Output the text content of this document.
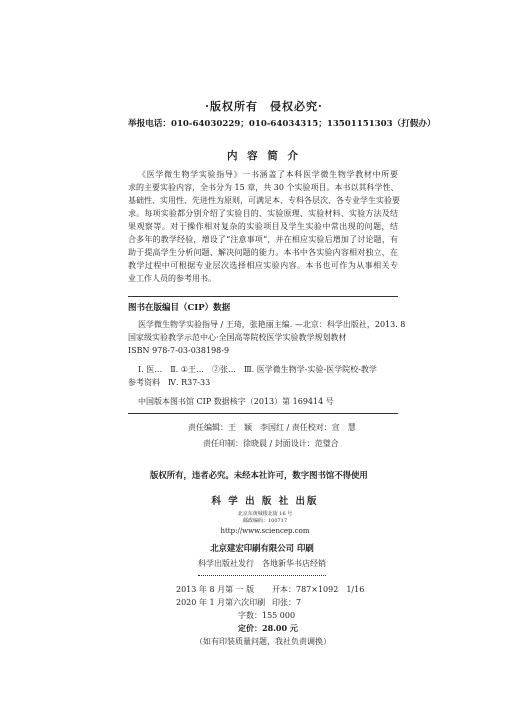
·版权所有　侵权必究·
举报电话：010-64030229；010-64034315；13501151303（打假办）
内 容 简 介
《医学微生物学实验指导》一书涵盖了本科医学微生物学教材中所要
求的主要实验内容，全书分为 15 章，共 30 个实验项目。本书以其科学性、
基础性、实用性、先进性为原则，可满足本、专科各层次、各专业学生实验要
求。每项实验都分别介绍了实验目的、实验原理、实验材料、实验方法及结
果观察等。对于操作相对复杂的实验项目及学生实验中常出现的问题，结
合多年的教学经验，增设了“注意事项”，并在相应实验后增加了讨论题，有
助于提高学生分析问题、解决问题的能力。本书中各实验内容相对独立，在
教学过程中可根据专业层次选择相应实验内容。本书也可作为从事相关专
业工作人员的参考用书。
图书在版编目（CIP）数据
医学微生物学实验指导 / 王琦，张艳丽主编. —北京：科学出版社，2013. 8
国家级实验教学示范中心·全国高等院校医学实验教学规划教材
ISBN 978-7-03-038198-9
Ⅰ. 医…　Ⅱ. ①王…　②张…　Ⅲ. 医学微生物学-实验-医学院校-教学
参考资料　Ⅳ. R37-33
中国版本图书馆 CIP 数据核字（2013）第 169414 号
责任编辑：王　颖　李国红 / 责任校对：宣　慧
责任印制：徐晓晨 / 封面设计：范璧合
版权所有，违者必究。未经本社许可，数字图书馆不得使用
科 学 出 版 社 出版
北京东黄城根北街 16 号
邮政编码：100717
http://www.sciencep.com
北京建宏印刷有限公司 印刷
科学出版社发行　各地新华书店经销
2013 年 8 月第 一 版	开本：787×1092　1/16
2020 年 1 月第六次印刷 印张：7
字数：155 000
定价：28.00 元
（如有印装质量问题，我社负责调换）
